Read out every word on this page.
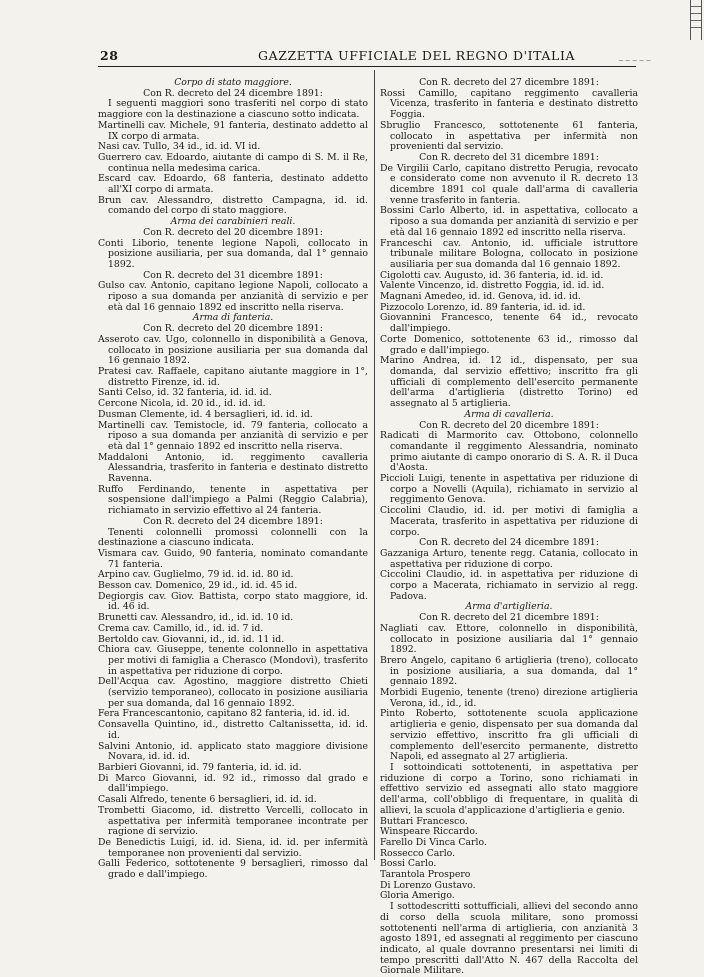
~~~~~
28	GAZZETTA UFFICIALE DEL REGNO D'ITALIA

Corpo di stato maggiore.

Con R. decreto del 24 dicembre 1891:

I seguenti maggiori sono trasferiti nel corpo di stato maggiore con la destinazione a ciascuno sotto indicata.

Martinelli cav. Michele, 91 fanteria, destinato addetto al IX corpo di armata.

Nasi cav. Tullo, 34 id., id. id. VI id.

Guerrero cav. Edoardo, aiutante di campo di S. M. il Re, continua nella medesima carica.

Escard cav. Edoardo, 68 fanteria, destinato addetto all'XI corpo di armata.

Brun cav. Alessandro, distretto Campagna, id. id. comando del corpo di stato maggiore.

Arma dei carabinieri reali.

Con R. decreto del 20 dicembre 1891:

Conti Liborio, tenente legione Napoli, collocato in posizione ausiliaria, per sua domanda, dal 1° gennaio 1892.

Con R. decreto del 31 dicembre 1891:

Gulso cav. Antonio, capitano legione Napoli, collocato a riposo a sua domanda per anzianità di servizio e per età dal 16 gennaio 1892 ed inscritto nella riserva.

Arma di fanteria.

Con R. decreto del 20 dicembre 1891:

Asseroto cav. Ugo, colonnello in disponibilità a Genova, collocato in posizione ausiliaria per sua domanda dal 16 gennaio 1892.

Pratesi cav. Raffaele, capitano aiutante maggiore in 1°, distretto Firenze, id. id.

Santi Celso, id. 32 fanteria, id. id. id.

Cercone Nicola, id. 20 id., id. id. id.

Dusman Clemente, id. 4 bersaglieri, id. id. id.

Martinelli cav. Temistocle, id. 79 fanteria, collocato a riposo a sua domanda per anzianità di servizio e per età dal 1° gennaio 1892 ed inscritto nella riserva.

Maddaloni Antonio, id. reggimento cavalleria Alessandria, trasferito in fanteria e destinato distretto Ravenna.

Ruffo Ferdinando, tenente in aspettativa per sospensione dall'impiego a Palmi (Reggio Calabria), richiamato in servizio effettivo al 24 fanteria.

Con R. decreto del 24 dicembre 1891:

Tenenti colonnelli promossi colonnelli con la destinazione a ciascuno indicata.

Vismara cav. Guido, 90 fanteria, nominato comandante 71 fanteria.

Arpino cav. Guglielmo, 79 id. id. id. 80 id.

Besson cav. Domenico, 29 id., id. id. 45 id.

Degiorgis cav. Giov. Battista, corpo stato maggiore, id. id. 46 id.

Brunetti cav. Alessandro, id., id. id. 10 id.

Crema cav. Camillo, id., id. id. 7 id.

Bertoldo cav. Giovanni, id., id. id. 11 id.

Chiora cav. Giuseppe, tenente colonnello in aspettativa per motivi di famiglia a Cherasco (Mondovì), trasferito in aspettativa per riduzione di corpo.

Dell'Acqua cav. Agostino, maggiore distretto Chieti (servizio temporaneo), collocato in posizione ausiliaria per sua domanda, dal 16 gennaio 1892.

Fera Francescantonio, capitano 82 fanteria, id. id. id.

Consavella Quintino, id., distretto Caltanissetta, id. id. id.

Salvini Antonio, id. applicato stato maggiore divisione Novara, id. id. id.

Barbieri Giovanni, id. 79 fanteria, id. id. id.

Di Marco Giovanni, id. 92 id., rimosso dal grado e dall'impiego.

Casali Alfredo, tenente 6 bersaglieri, id. id. id.

Trombetti Giacomo, id. distretto Vercelli, collocato in aspettativa per infermità temporanee incontrate per ragione di servizio.

De Benedictis Luigi, id. id. Siena, id. id. per infermità temporanee non provenienti dal servizio.

Galli Federico, sottotenente 9 bersaglieri, rimosso dal grado e dall'impiego.

Con R. decreto del 27 dicembre 1891:

Rossi Camillo, capitano reggimento cavalleria Vicenza, trasferito in fanteria e destinato distretto Foggia.

Sbruglio Francesco, sottotenente 61 fanteria, collocato in aspettativa per infermità non provenienti dal servizio.

Con R. decreto del 31 dicembre 1891:

De Virgilii Carlo, capitano distretto Perugia, revocato e considerato come non avvenuto il R. decreto 13 dicembre 1891 col quale dall'arma di cavalleria venne trasferito in fanteria.

Bossini Carlo Alberto, id. in aspettativa, collocato a riposo a sua domanda per anzianità di servizio e per età dal 16 gennaio 1892 ed inscritto nella riserva.

Franceschi cav. Antonio, id. ufficiale istruttore tribunale militare Bologna, collocato in posizione ausiliaria per sua domanda dal 16 gennaio 1892.

Cigolotti cav. Augusto, id. 36 fanteria, id. id. id.

Valente Vincenzo, id. distretto Foggia, id. id. id.

Magnani Amedeo, id. id. Genova, id. id. id.

Pizzocolo Lorenzo, id. 89 fanteria, id. id. id.

Giovannini Francesco, tenente 64 id., revocato dall'impiego.

Corte Domenico, sottotenente 63 id., rimosso dal grado e dall'impiego.

Marino Andrea, id. 12 id., dispensato, per sua domanda, dal servizio effettivo; inscritto fra gli ufficiali di complemento dell'esercito permanente dell'arma d'artiglieria (distretto Torino) ed assegnato al 5 artiglieria.

Arma di cavalleria.

Con R. decreto del 20 dicembre 1891:

Radicati di Marmorito cav. Ottobono, colonnello comandante il reggimento Alessandria, nominato primo aiutante di campo onorario di S. A. R. il Duca d'Aosta.

Piccioli Luigi, tenente in aspettativa per riduzione di corpo a Novelli (Aquila), richiamato in servizio al reggimento Genova.

Ciccolini Claudio, id. id. per motivi di famiglia a Macerata, trasferito in aspettativa per riduzione di corpo.

Con R. decreto del 24 dicembre 1891:

Gazzaniga Arturo, tenente regg. Catania, collocato in aspettativa per riduzione di corpo.

Ciccolini Claudio, id. in aspettativa per riduzione di corpo a Macerata, richiamato in servizio al regg. Padova.

Arma d'artiglieria.

Con R. decreto del 21 dicembre 1891:

Nagliati cav. Ettore, colonnello in disponibilità, collocato in posizione ausiliaria dal 1° gennaio 1892.

Brero Angelo, capitano 6 artiglieria (treno), collocato in posizione ausiliaria, a sua domanda, dal 1° gennaio 1892.

Morbidi Eugenio, tenente (treno) direzione artiglieria Verona, id., id., id.

Pinto Roberto, sottotenente scuola applicazione artiglieria e genio, dispensato per sua domanda dal servizio effettivo, inscritto fra gli ufficiali di complemento dell'esercito permanente, distretto Napoli, ed assegnato al 27 artiglieria.

I sottoindicati sottotenenti, in aspettativa per riduzione di corpo a Torino, sono richiamati in effettivo servizio ed assegnati allo stato maggiore dell'arma, coll'obbligo di frequentare, in qualità di allievi, la scuola d'applicazione d'artiglieria e genio.

Buttari Francesco.

Winspeare Riccardo.

Farello Di Vinca Carlo.

Rossecco Carlo.

Bossi Carlo.

Tarantola Prospero

Di Lorenzo Gustavo.

Gloria Amerigo.

I sottodescritti sottufficiali, allievi del secondo anno di corso della scuola militare, sono promossi sottotenenti nell'arma di artiglieria, con anzianità 3 agosto 1891, ed assegnati al reggimento per ciascuno indicato, al quale dovranno presentarsi nei limiti di tempo prescritti dall'Atto N. 467 della Raccolta del Giornale Militare.
